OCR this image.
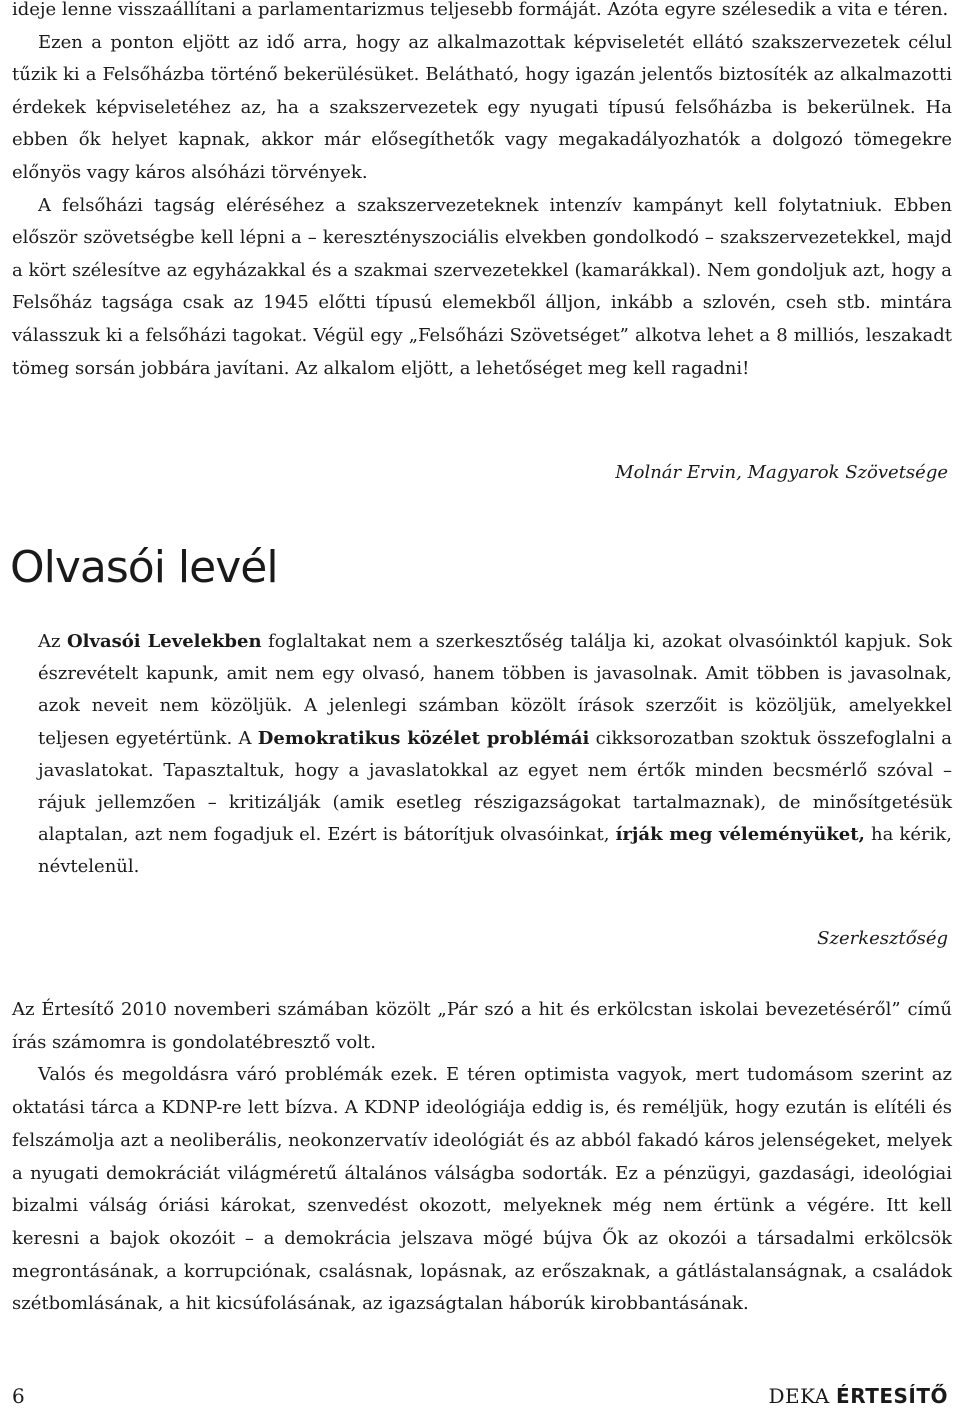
ideje lenne visszaállítani a parlamentarizmus teljesebb formáját. Azóta egyre szélesedik a vita e téren.

Ezen a ponton eljött az idő arra, hogy az alkalmazottak képviseletét ellátó szakszervezetek célul tűzik ki a Felsőházba történő bekerülésüket. Belátható, hogy igazán jelentős biztosíték az alkalmazotti érdekek képviseletéhez az, ha a szakszervezetek egy nyugati típusú felsőházba is bekerülnek. Ha ebben ők helyet kapnak, akkor már elősegíthetők vagy megakadályozhatók a dolgozó tömegekre előnyös vagy káros alsóházi törvények.

A felsőházi tagság eléréséhez a szakszervezeteknek intenzív kampányt kell folytatniuk. Ebben először szövetségbe kell lépni a – keresztényszociális elvekben gondolkodó – szakszervezetekkel, majd a kört szélesítve az egyházakkal és a szakmai szervezetekkel (kamarákkal). Nem gondoljuk azt, hogy a Felsőház tagsága csak az 1945 előtti típusú elemekből álljon, inkább a szlovén, cseh stb. mintára válasszuk ki a felsőházi tagokat. Végül egy „Felsőházi Szövetséget” alkotva lehet a 8 milliós, leszakadt tömeg sorsán jobbára javítani. Az alkalom eljött, a lehetőséget meg kell ragadni!

Molnár Ervin, Magyarok Szövetsége
Olvasói levél

Az Olvasói Levelekben foglaltakat nem a szerkesztőség találja ki, azokat olvasóinktól kapjuk. Sok észrevételt kapunk, amit nem egy olvasó, hanem többen is javasolnak. Amit többen is javasolnak, azok neveit nem közöljük. A jelenlegi számban közölt írások szerzőit is közöljük, amelyekkel teljesen egyetértünk. A Demokratikus közélet problémái cikksorozatban szoktuk összefoglalni a javaslatokat. Tapasztaltuk, hogy a javaslatokkal az egyet nem értők minden becsmérlő szóval – rájuk jellemzően – kritizálják (amik esetleg részigazságokat tartalmaznak), de minősítgetésük alaptalan, azt nem fogadjuk el. Ezért is bátorítjuk olvasóinkat, írják meg véleményüket, ha kérik, névtelenül.

Szerkesztőség

Az Értesítő 2010 novemberi számában közölt „Pár szó a hit és erkölcstan iskolai bevezetéséről” című írás számomra is gondolatébresztő volt.

Valós és megoldásra váró problémák ezek. E téren optimista vagyok, mert tudomásom szerint az oktatási tárca a KDNP-re lett bízva. A KDNP ideológiája eddig is, és reméljük, hogy ezután is elítéli és felszámolja azt a neoliberális, neokonzervatív ideológiát és az abból fakadó káros jelenségeket, melyek a nyugati demokráciát világméretű általános válságba sodorták. Ez a pénzügyi, gazdasági, ideológiai bizalmi válság óriási károkat, szenvedést okozott, melyeknek még nem értünk a végére. Itt kell keresni a bajok okozóit – a demokrácia jelszava mögé bújva Ők az okozói a társadalmi erkölcsök megrontásának, a korrupciónak, csalásnak, lopásnak, az erőszaknak, a gátlástalanságnak, a családok szétbomlásának, a hit kicsúfolásának, az igazságtalan háborúk kirobbantásának.

6	DEKA ÉRTESÍTŐ
